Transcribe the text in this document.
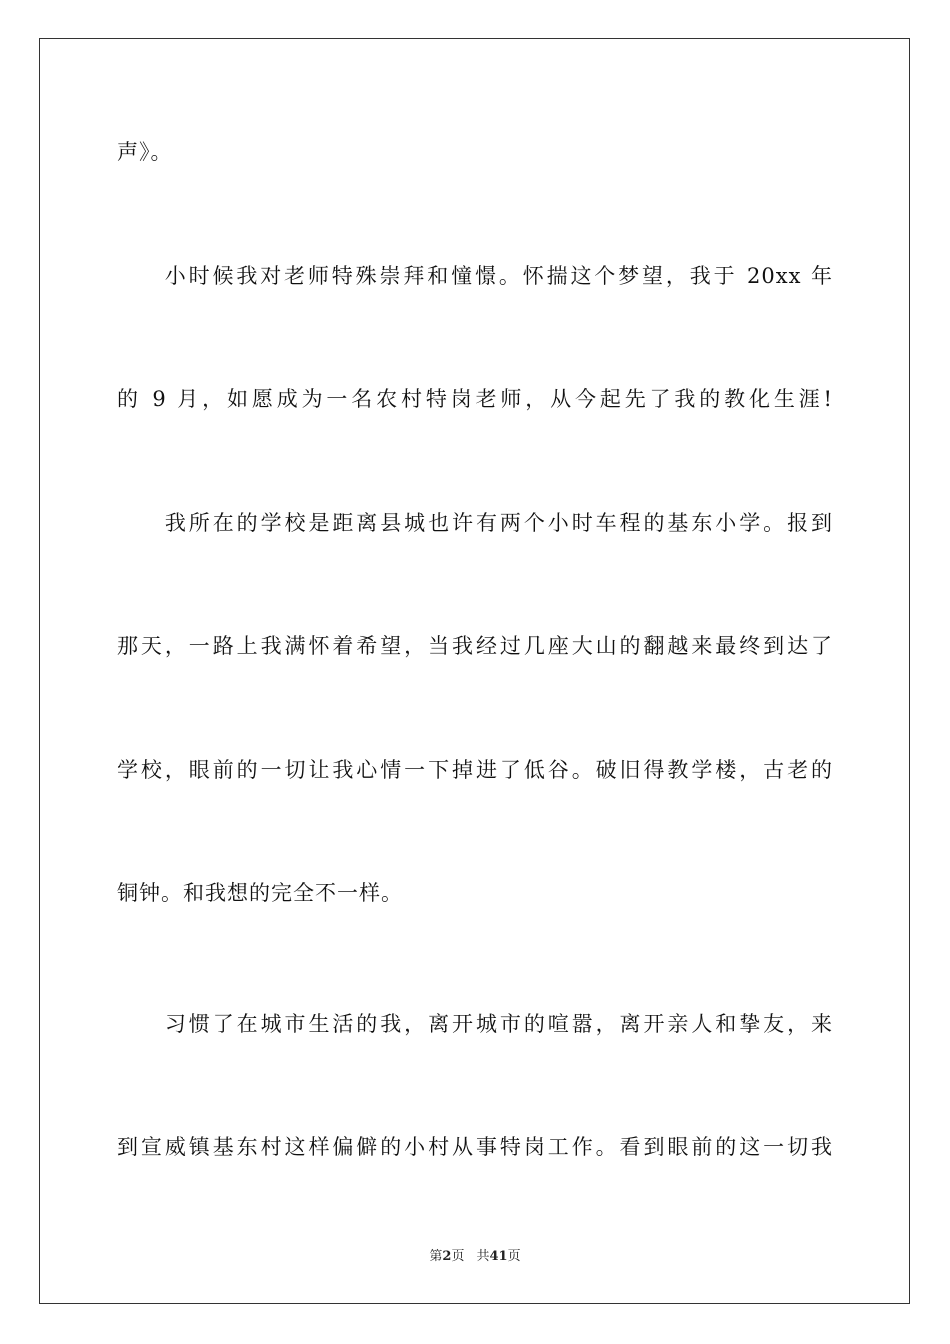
声》。
　　小时候我对老师特殊崇拜和憧憬。怀揣这个梦望，我于 20xx 年
的 9 月，如愿成为一名农村特岗老师，从今起先了我的教化生涯!
　　我所在的学校是距离县城也许有两个小时车程的基东小学。报到
那天，一路上我满怀着希望，当我经过几座大山的翻越来最终到达了
学校，眼前的一切让我心情一下掉进了低谷。破旧得教学楼，古老的
铜钟。和我想的完全不一样。
　　习惯了在城市生活的我，离开城市的喧嚣，离开亲人和挚友，来
到宣威镇基东村这样偏僻的小村从事特岗工作。看到眼前的这一切我
第2页 共41页
